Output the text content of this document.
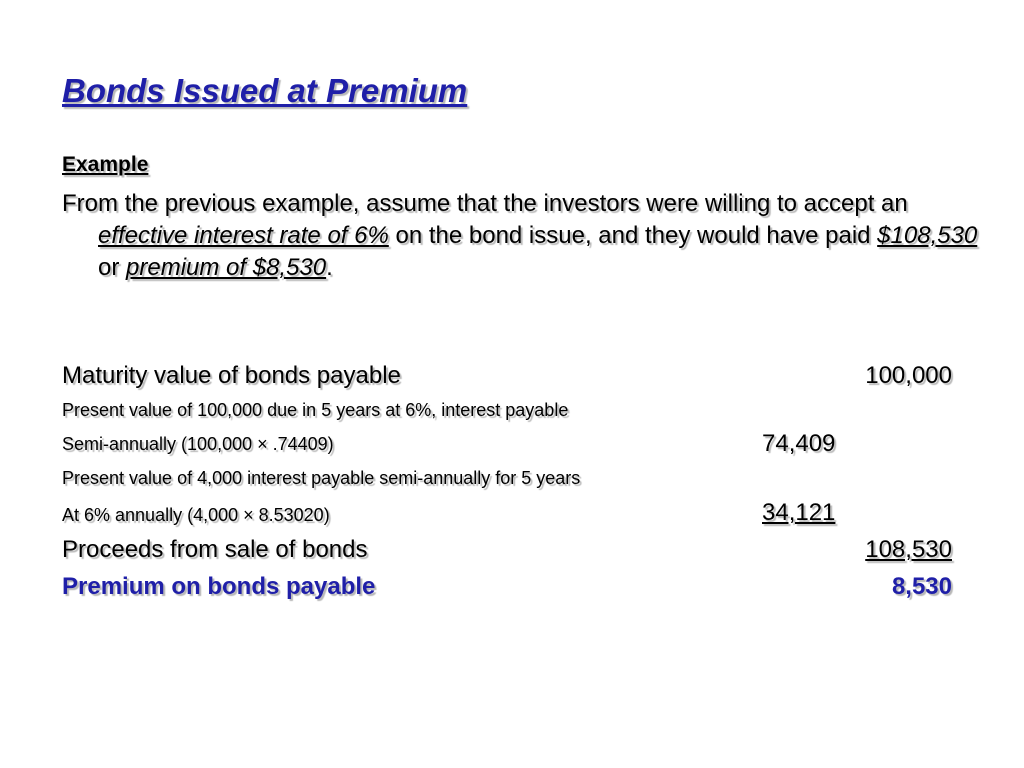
Bonds Issued at Premium
Example
From the previous example, assume that the investors were willing to accept an effective interest rate of 6% on the bond issue, and they would have paid $108,530 or premium of $8,530.
Maturity value of bonds payable	100,000
Present value of 100,000 due in 5 years at 6%, interest payable
Semi-annually (100,000 × .74409)	74,409
Present value of 4,000 interest payable semi-annually for 5 years
At 6% annually (4,000 × 8.53020)	34,121
Proceeds from sale of bonds	108,530
Premium on bonds payable	8,530
